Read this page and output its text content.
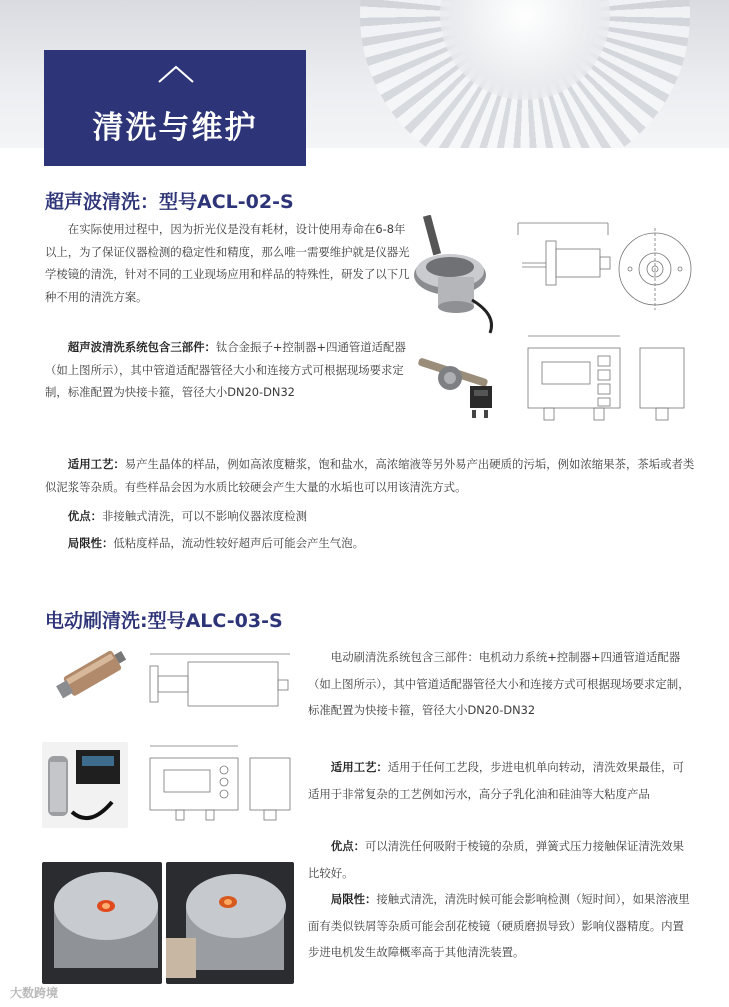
清洗与维护
超声波清洗：型号ACL-02-S
在实际使用过程中，因为折光仪是没有耗材，设计使用寿命在6-8年以上，为了保证仪器检测的稳定性和精度，那么唯一需要维护就是仪器光学棱镜的清洗，针对不同的工业现场应用和样品的特殊性，研发了以下几种不用的清洗方案。
超声波清洗系统包含三部件：钛合金振子+控制器+四通管道适配器（如上图所示），其中管道适配器管径大小和连接方式可根据现场要求定制，标准配置为快接卡箍，管径大小DN20-DN32
适用工艺：易产生晶体的样品，例如高浓度糖浆，饱和盐水，高浓缩液等另外易产出硬质的污垢，例如浓缩果茶，茶垢或者类似泥浆等杂质。有些样品会因为水质比较硬会产生大量的水垢也可以用该清洗方式。
优点：非接触式清洗，可以不影响仪器浓度检测
局限性：低粘度样品，流动性较好超声后可能会产生气泡。
电动刷清洗:型号ALC-03-S
电动刷清洗系统包含三部件：电机动力系统+控制器+四通管道适配器（如上图所示），其中管道适配器管径大小和连接方式可根据现场要求定制，标准配置为快接卡箍，管径大小DN20-DN32
适用工艺：适用于任何工艺段，步进电机单向转动，清洗效果最佳，可适用于非常复杂的工艺例如污水，高分子乳化油和硅油等大粘度产品
优点：可以清洗任何吸附于棱镜的杂质，弹簧式压力接触保证清洗效果比较好。
局限性：接触式清洗，清洗时候可能会影响检测（短时间），如果溶液里面有类似铁屑等杂质可能会刮花棱镜（硬质磨损导致）影响仪器精度。内置步进电机发生故障概率高于其他清洗装置。
大数跨境
